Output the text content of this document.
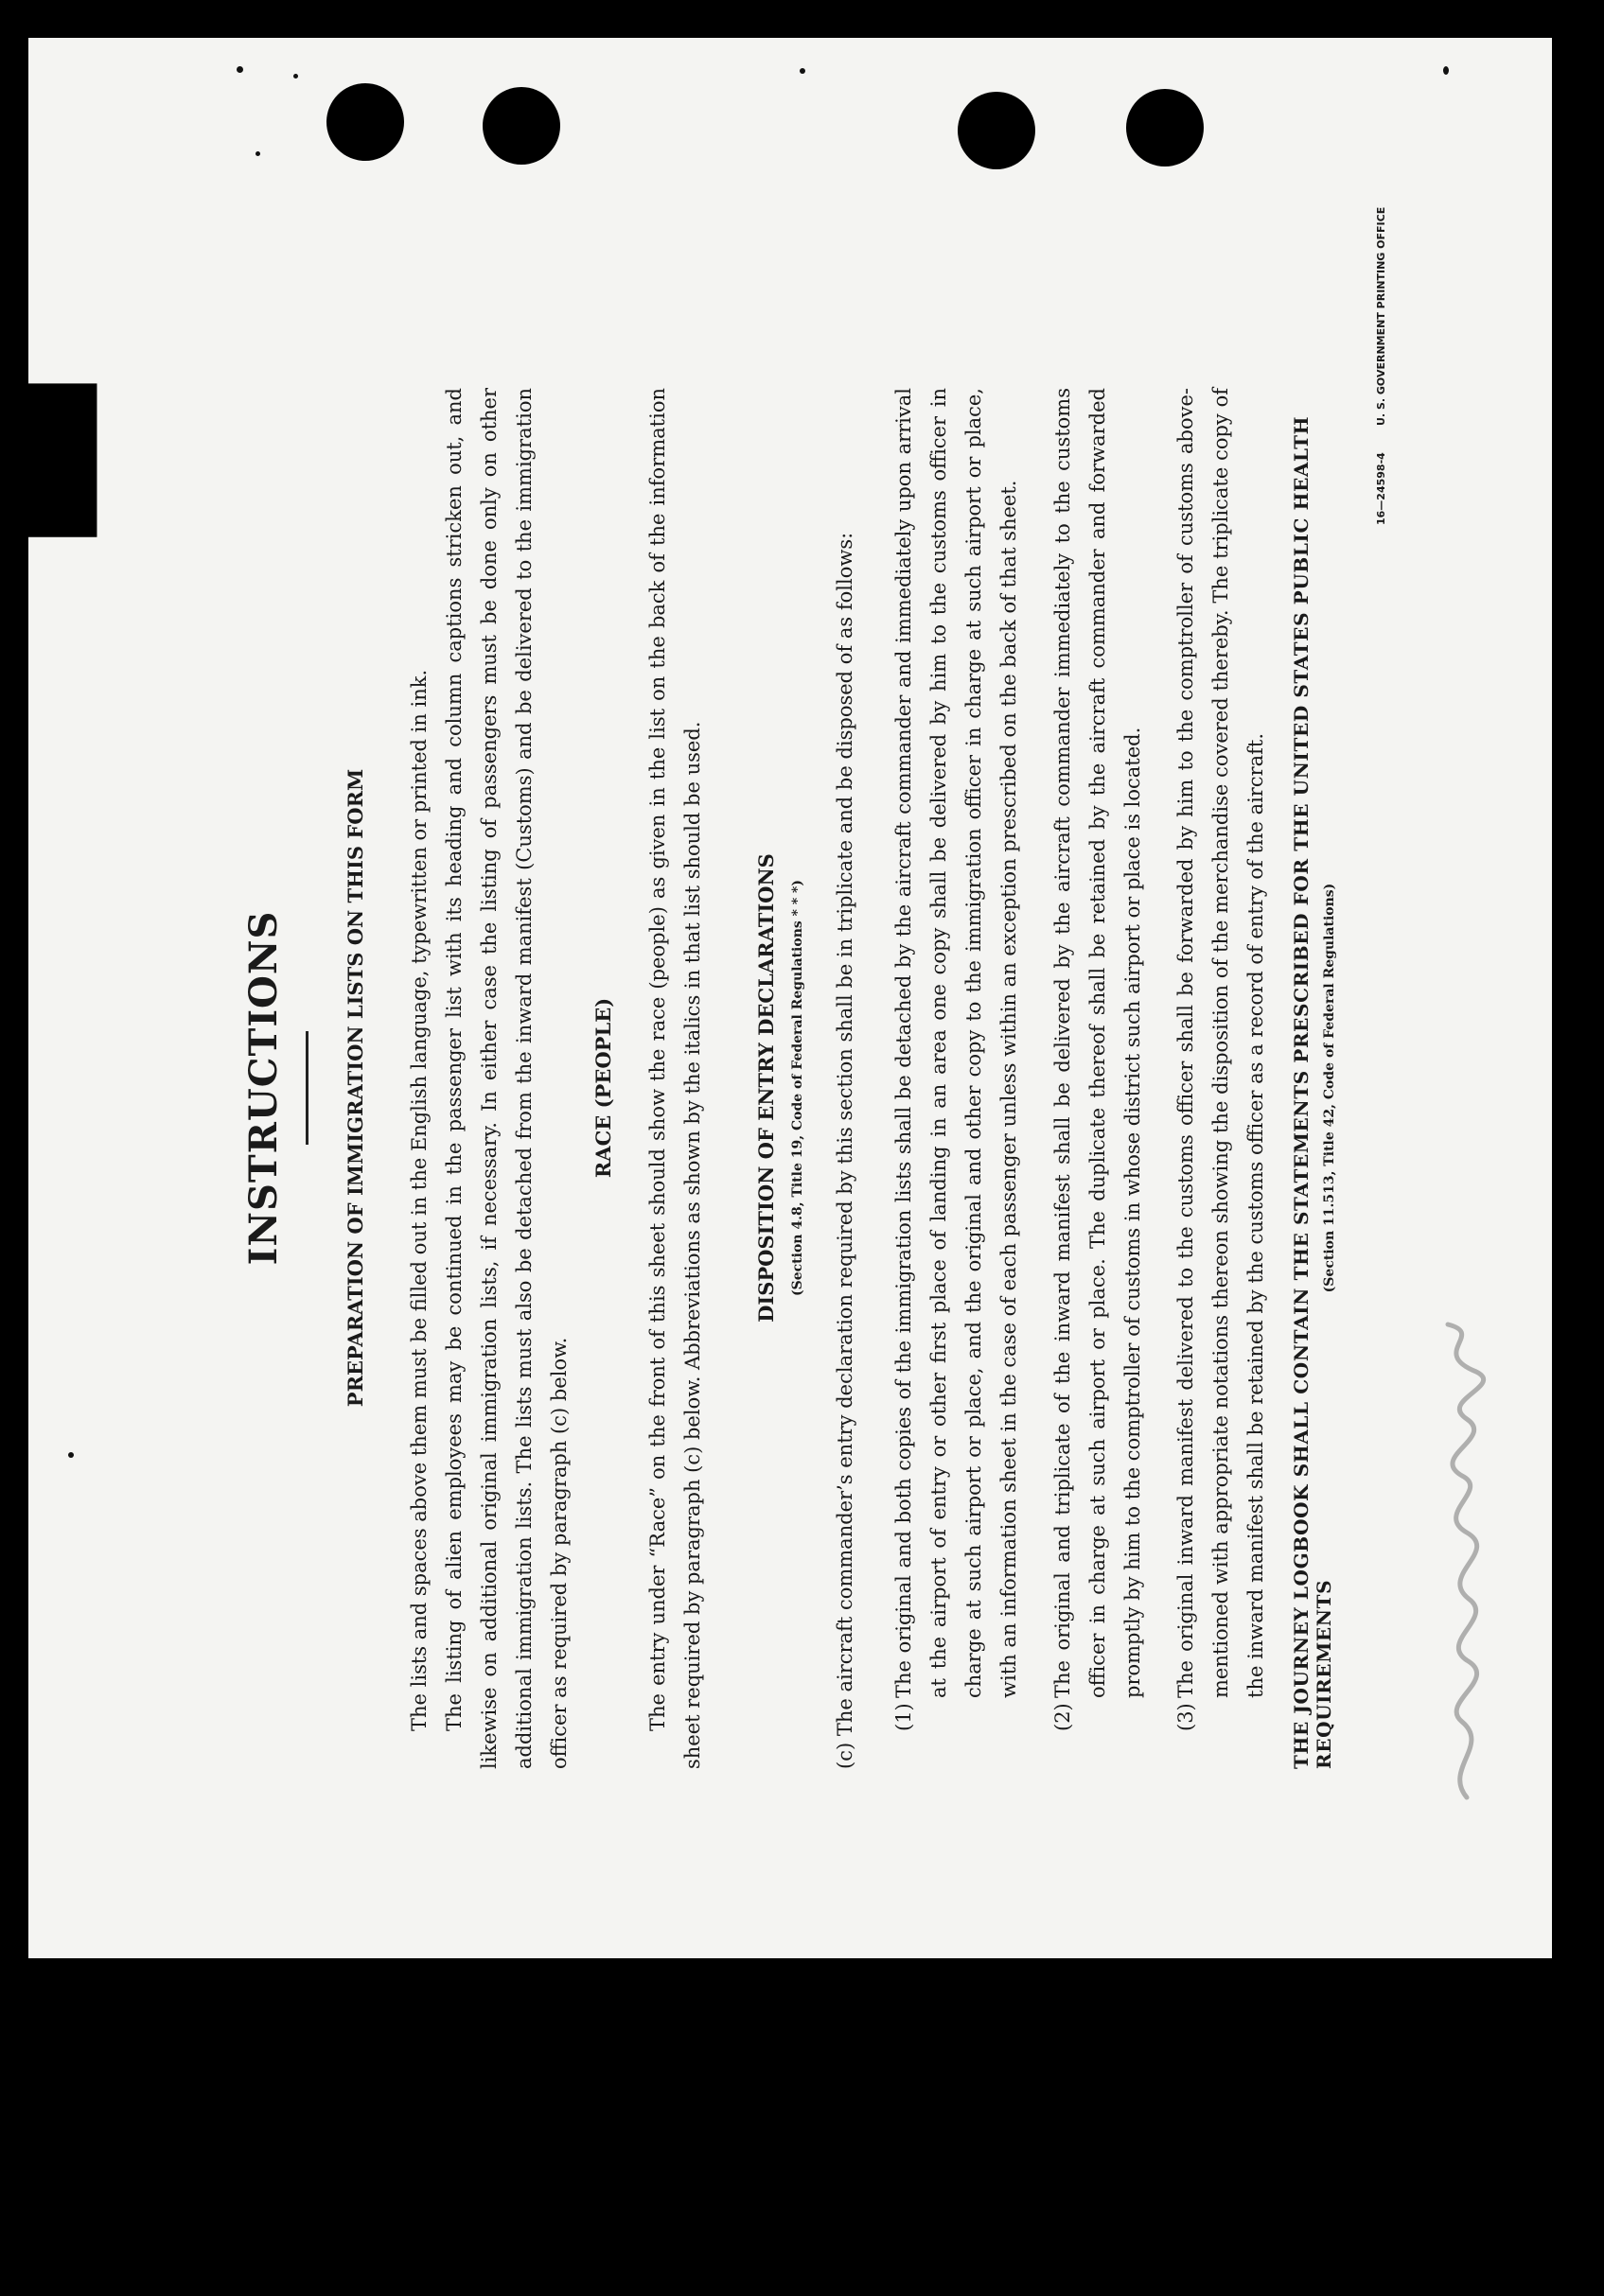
INSTRUCTIONS	PREPARATION OF IMMIGRATION LISTS ON THIS FORM The lists and spaces above them must be filled out in the English language, typewritten or printed in ink. The listing of alien employees may be continued in the passenger list with its heading and column captions stricken out, and likewise on additional original immigration lists, if necessary. In either case the listing of passengers must be done only on other additional immigration lists. The lists must also be detached from the inward manifest (Customs) and be delivered to the immigration officer as required by paragraph (c) below.

RACE (PEOPLE) The entry under “Race” on the front of this sheet should show the race (people) as given in the list on the back of the information sheet required by paragraph (c) below. Abbreviations as shown by the italics in that list should be used.	DISPOSITION OF ENTRY DECLARATIONS (Section 4.8, Title 19, Code of Federal Regulations * * *) (c) The aircraft commander’s entry declaration required by this section shall be in triplicate and be disposed of as follows:	(1)
The original and both copies of the immigration lists shall be detached by the aircraft commander and immediately upon arrival at the airport of entry or other first place of landing in an area one copy shall be delivered by him to the customs officer in charge at such airport or place, and the original and other copy to the immigration officer in charge at such airport or place, with an information sheet in the case of each passenger unless within an exception prescribed on the back of that sheet.
(2)
The original and triplicate of the inward manifest shall be delivered by the aircraft commander immediately to the customs officer in charge at such airport or place. The duplicate thereof shall be retained by the aircraft commander and forwarded promptly by him to the comptroller of customs in whose district such airport or place is located.
(3)
The original inward manifest delivered to the customs officer shall be forwarded by him to the comptroller of customs above-mentioned with appropriate notations thereon showing the disposition of the merchandise covered thereby. The triplicate copy of the inward manifest shall be retained by the customs officer as a record of entry of the aircraft.	THE JOURNEY LOGBOOK SHALL CONTAIN THE STATEMENTS PRESCRIBED FOR THE UNITED STATES PUBLIC HEALTH REQUIREMENTS
(Section 11.513, Title 42, Code of Federal Regulations)
16—24598-4
U. S. GOVERNMENT PRINTING OFFICE
